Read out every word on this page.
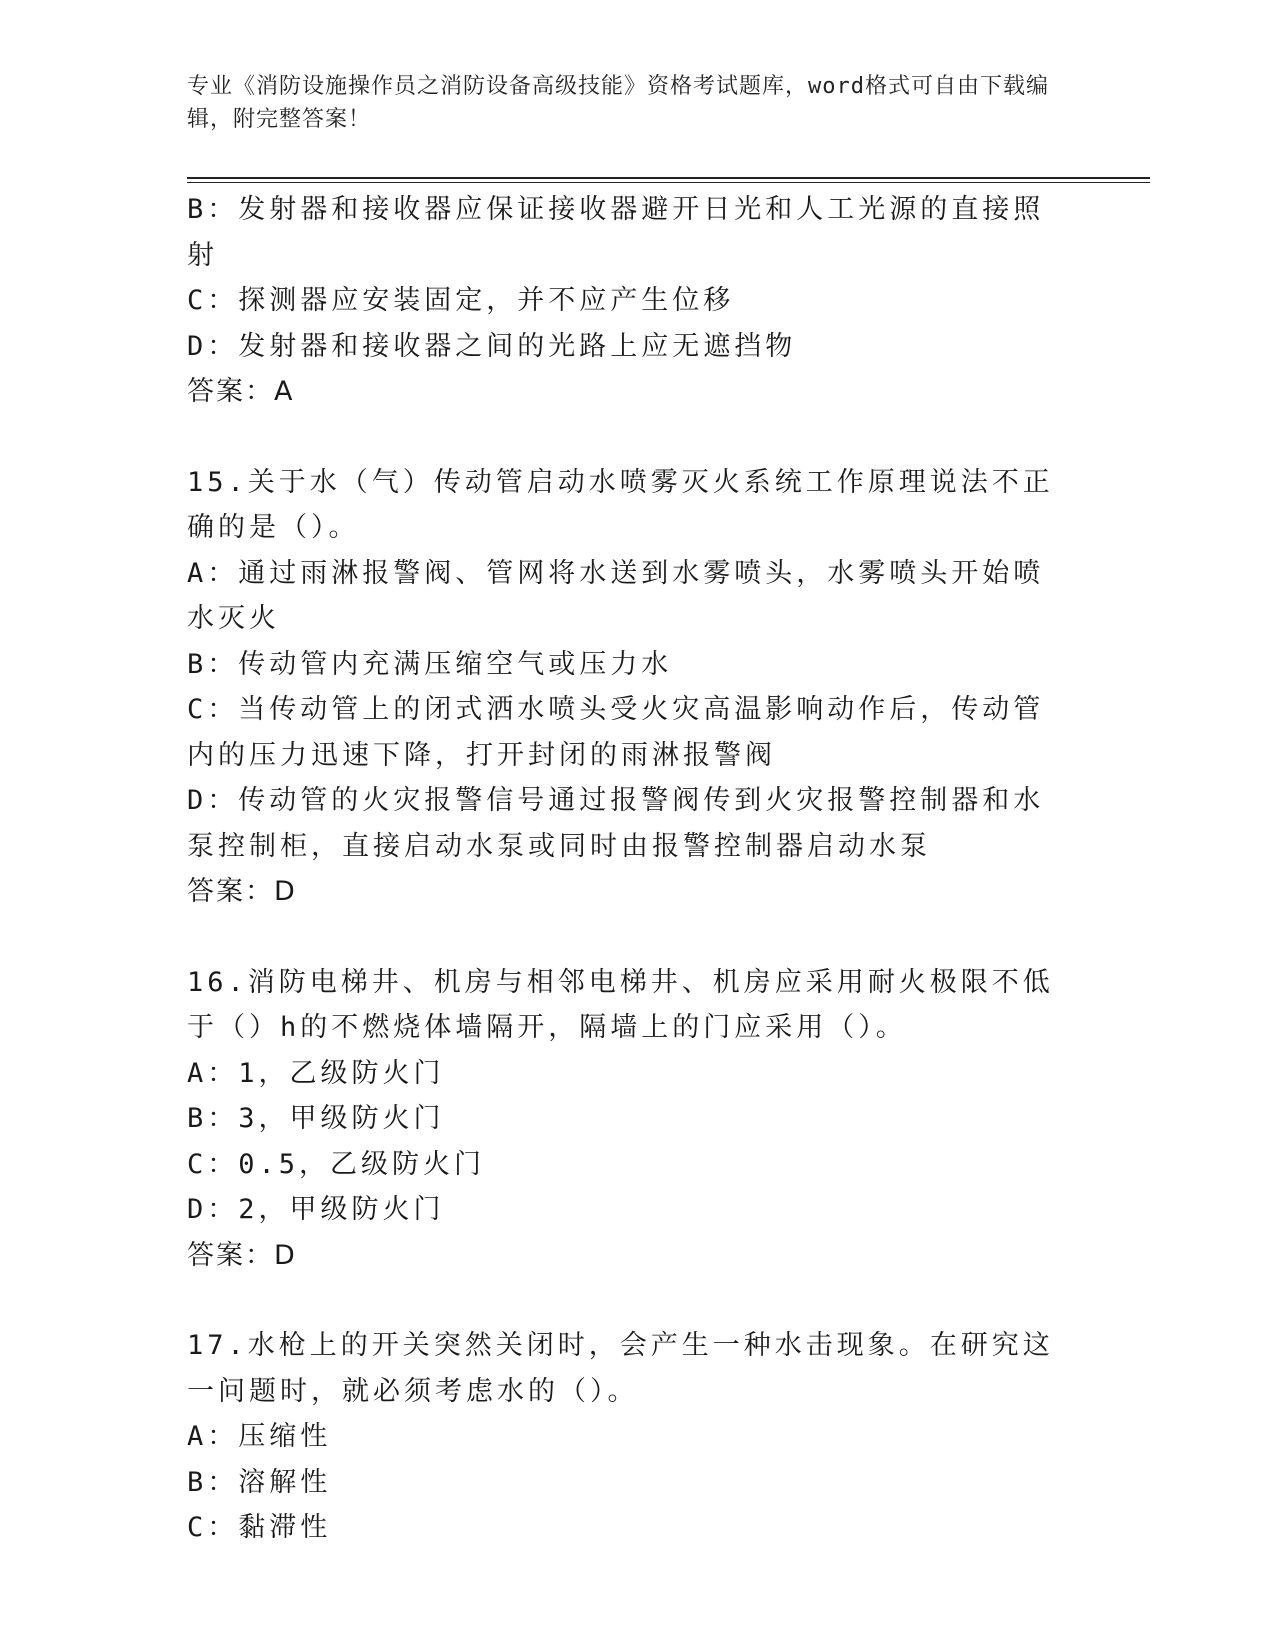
专业《消防设施操作员之消防设备高级技能》资格考试题库，word格式可自由下载编辑，附完整答案！
B：发射器和接收器应保证接收器避开日光和人工光源的直接照射
C：探测器应安装固定，并不应产生位移
D：发射器和接收器之间的光路上应无遮挡物
答案：A
15.关于水（气）传动管启动水喷雾灭火系统工作原理说法不正确的是（）。
A：通过雨淋报警阀、管网将水送到水雾喷头，水雾喷头开始喷水灭火
B：传动管内充满压缩空气或压力水
C：当传动管上的闭式洒水喷头受火灾高温影响动作后，传动管内的压力迅速下降，打开封闭的雨淋报警阀
D：传动管的火灾报警信号通过报警阀传到火灾报警控制器和水泵控制柜，直接启动水泵或同时由报警控制器启动水泵
答案：D
16.消防电梯井、机房与相邻电梯井、机房应采用耐火极限不低于（）h的不燃烧体墙隔开，隔墙上的门应采用（）。
A：1，乙级防火门
B：3，甲级防火门
C：0.5，乙级防火门
D：2，甲级防火门
答案：D
17.水枪上的开关突然关闭时，会产生一种水击现象。在研究这一问题时，就必须考虑水的（）。
A：压缩性
B：溶解性
C：黏滞性
